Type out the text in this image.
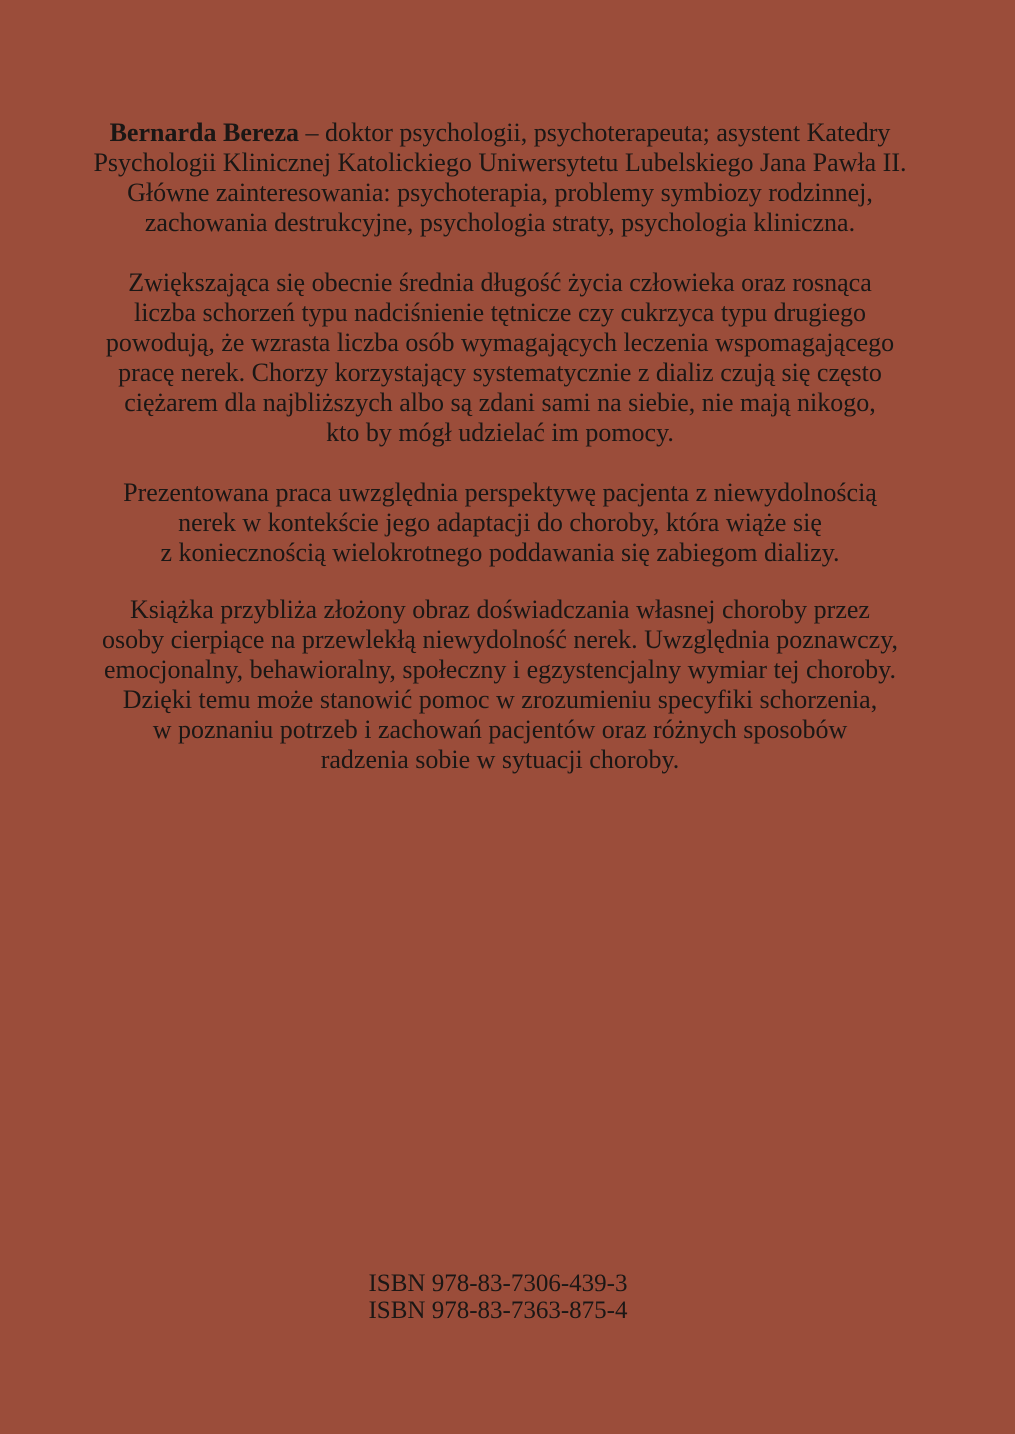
Bernarda Bereza – doktor psychologii, psychoterapeuta; asystent Katedry
Psychologii Klinicznej Katolickiego Uniwersytetu Lubelskiego Jana Pawła II.
Główne zainteresowania: psychoterapia, problemy symbiozy rodzinnej,
zachowania destrukcyjne, psychologia straty, psychologia kliniczna.
Zwiększająca się obecnie średnia długość życia człowieka oraz rosnąca
liczba schorzeń typu nadciśnienie tętnicze czy cukrzyca typu drugiego
powodują, że wzrasta liczba osób wymagających leczenia wspomagającego
pracę nerek. Chorzy korzystający systematycznie z dializ czują się często
ciężarem dla najbliższych albo są zdani sami na siebie, nie mają nikogo,
kto by mógł udzielać im pomocy.
Prezentowana praca uwzględnia perspektywę pacjenta z niewydolnością
nerek w kontekście jego adaptacji do choroby, która wiąże się
z koniecznością wielokrotnego poddawania się zabiegom dializy.
Książka przybliża złożony obraz doświadczania własnej choroby przez
osoby cierpiące na przewlekłą niewydolność nerek. Uwzględnia poznawczy,
emocjonalny, behawioralny, społeczny i egzystencjalny wymiar tej choroby.
Dzięki temu może stanowić pomoc w zrozumieniu specyfiki schorzenia,
w poznaniu potrzeb i zachowań pacjentów oraz różnych sposobów
radzenia sobie w sytuacji choroby.
ISBN 978-83-7306-439-3
ISBN 978-83-7363-875-4
